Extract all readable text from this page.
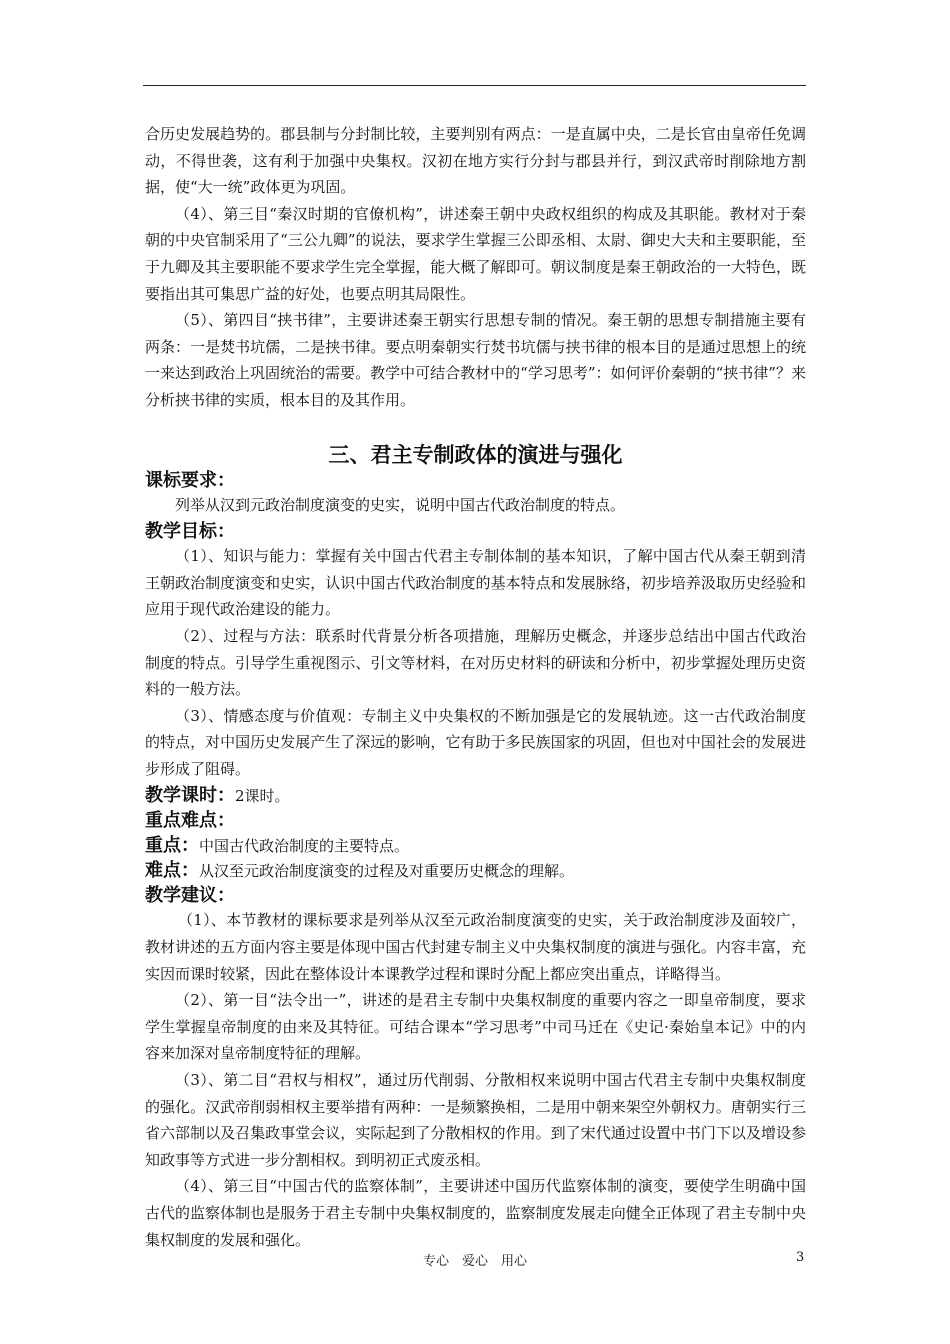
合历史发展趋势的。郡县制与分封制比较，主要判别有两点：一是直属中央，二是长官由皇帝任免调动，不得世袭，这有利于加强中央集权。汉初在地方实行分封与郡县并行，到汉武帝时削除地方割据，使“大一统”政体更为巩固。

（4）、第三目“秦汉时期的官僚机构”，讲述秦王朝中央政权组织的构成及其职能。教材对于秦朝的中央官制采用了“三公九卿”的说法，要求学生掌握三公即丞相、太尉、御史大夫和主要职能，至于九卿及其主要职能不要求学生完全掌握，能大概了解即可。朝议制度是秦王朝政治的一大特色，既要指出其可集思广益的好处，也要点明其局限性。

（5）、第四目“挟书律”，主要讲述秦王朝实行思想专制的情况。秦王朝的思想专制措施主要有两条：一是焚书坑儒，二是挟书律。要点明秦朝实行焚书坑儒与挟书律的根本目的是通过思想上的统一来达到政治上巩固统治的需要。教学中可结合教材中的“学习思考”：如何评价秦朝的“挟书律”？来分析挟书律的实质，根本目的及其作用。

三、君主专制政体的演进与强化
课标要求：

列举从汉到元政治制度演变的史实，说明中国古代政治制度的特点。

教学目标：

（1）、知识与能力：掌握有关中国古代君主专制体制的基本知识，了解中国古代从秦王朝到清王朝政治制度演变和史实，认识中国古代政治制度的基本特点和发展脉络，初步培养汲取历史经验和应用于现代政治建设的能力。

（2）、过程与方法：联系时代背景分析各项措施，理解历史概念，并逐步总结出中国古代政治制度的特点。引导学生重视图示、引文等材料，在对历史材料的研读和分析中，初步掌握处理历史资料的一般方法。

（3）、情感态度与价值观：专制主义中央集权的不断加强是它的发展轨迹。这一古代政治制度的特点，对中国历史发展产生了深远的影响，它有助于多民族国家的巩固，但也对中国社会的发展进步形成了阻碍。

教学课时：2课时。
重点难点：
重点：中国古代政治制度的主要特点。
难点：从汉至元政治制度演变的过程及对重要历史概念的理解。
教学建议：

（1）、本节教材的课标要求是列举从汉至元政治制度演变的史实，关于政治制度涉及面较广，教材讲述的五方面内容主要是体现中国古代封建专制主义中央集权制度的演进与强化。内容丰富，充实因而课时较紧，因此在整体设计本课教学过程和课时分配上都应突出重点，详略得当。

（2）、第一目“法令出一”，讲述的是君主专制中央集权制度的重要内容之一即皇帝制度，要求学生掌握皇帝制度的由来及其特征。可结合课本“学习思考”中司马迁在《史记·秦始皇本记》中的内容来加深对皇帝制度特征的理解。

（3）、第二目“君权与相权”，通过历代削弱、分散相权来说明中国古代君主专制中央集权制度的强化。汉武帝削弱相权主要举措有两种：一是频繁换相，二是用中朝来架空外朝权力。唐朝实行三省六部制以及召集政事堂会议，实际起到了分散相权的作用。到了宋代通过设置中书门下以及增设参知政事等方式进一步分割相权。到明初正式废丞相。

（4）、第三目“中国古代的监察体制”，主要讲述中国历代监察体制的演变，要使学生明确中国古代的监察体制也是服务于君主专制中央集权制度的，监察制度发展走向健全正体现了君主专制中央集权制度的发展和强化。

专心　爱心　用心	3
